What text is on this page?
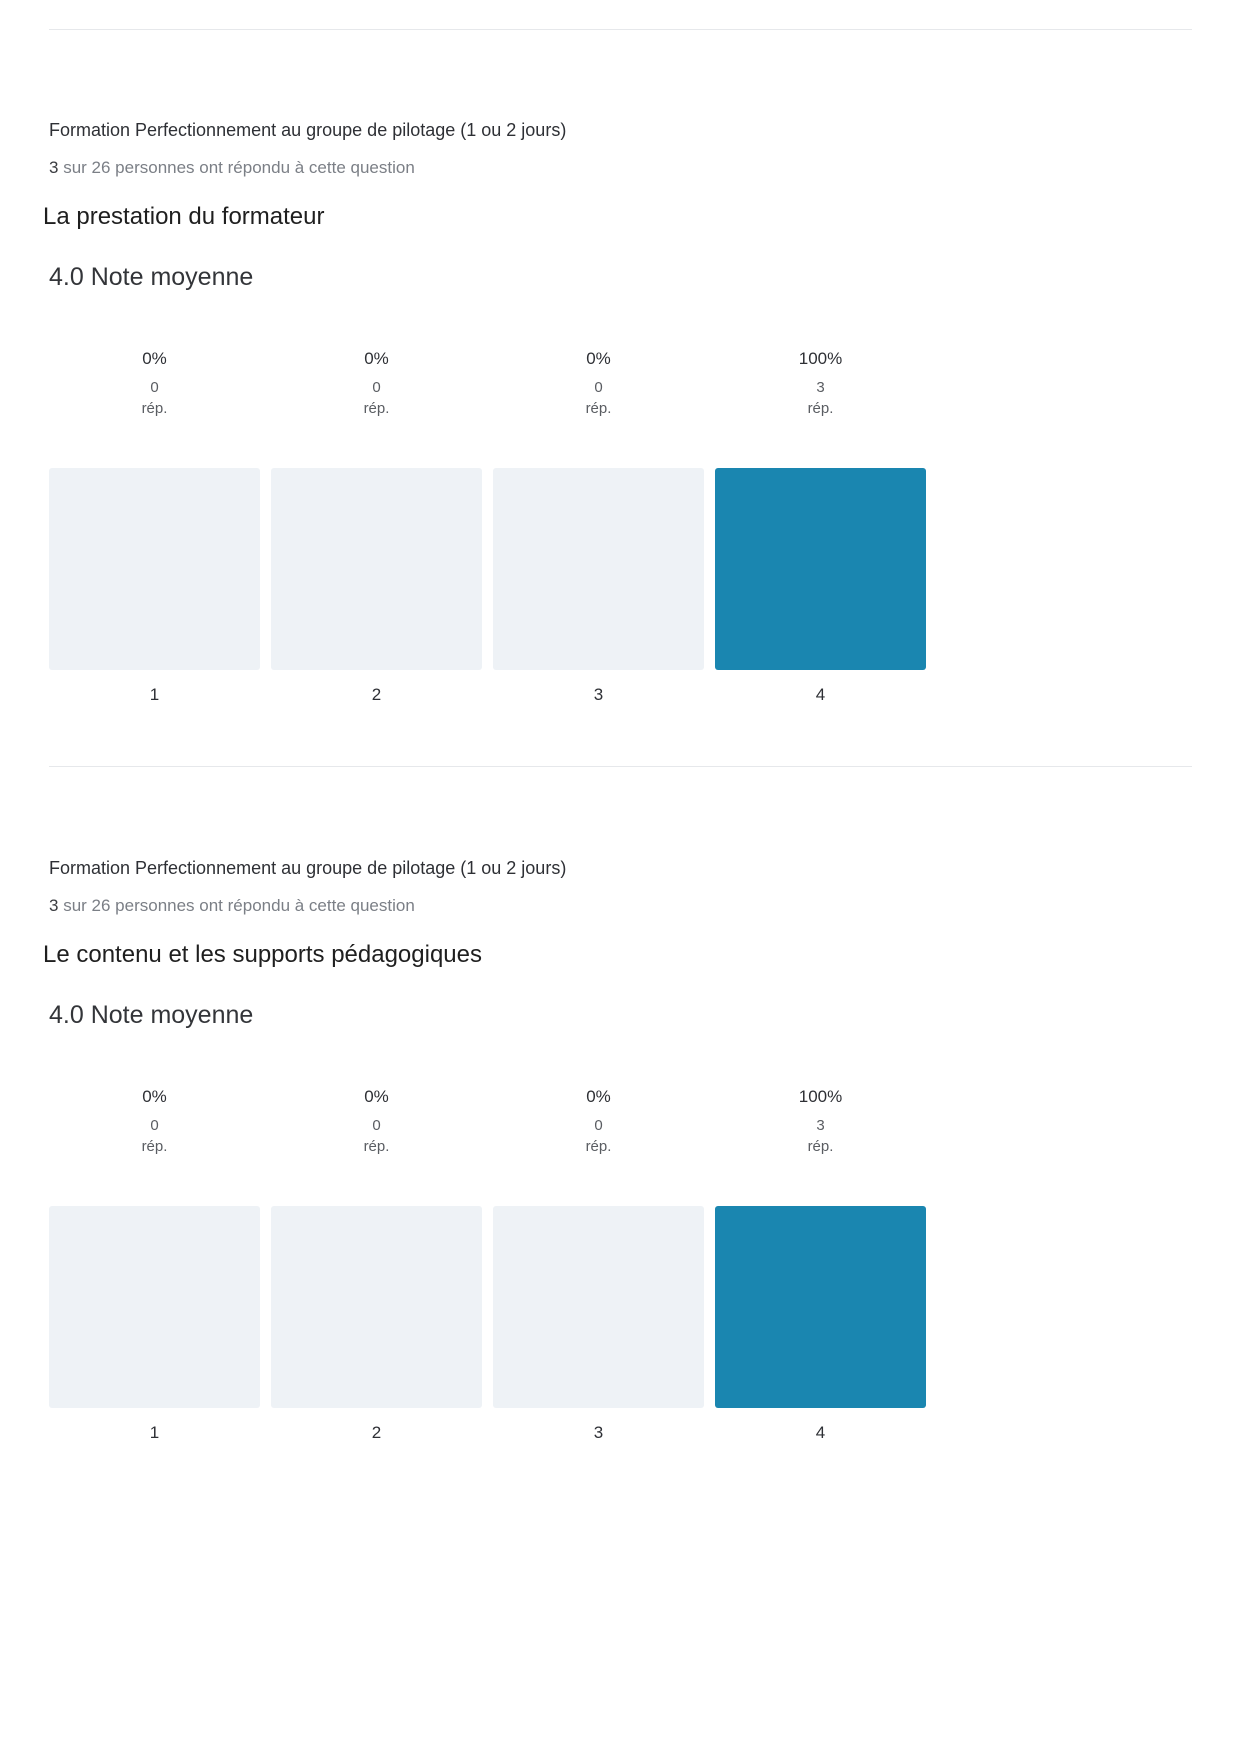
Formation Perfectionnement au groupe de pilotage (1 ou 2 jours)
3 sur 26 personnes ont répondu à cette question
La prestation du formateur
4.0 Note moyenne
0%
0
rép.
1
0%
0
rép.
2
0%
0
rép.
3
100%
3
rép.
4
Formation Perfectionnement au groupe de pilotage (1 ou 2 jours)
3 sur 26 personnes ont répondu à cette question
Le contenu et les supports pédagogiques
4.0 Note moyenne
0%
0
rép.
1
0%
0
rép.
2
0%
0
rép.
3
100%
3
rép.
4
